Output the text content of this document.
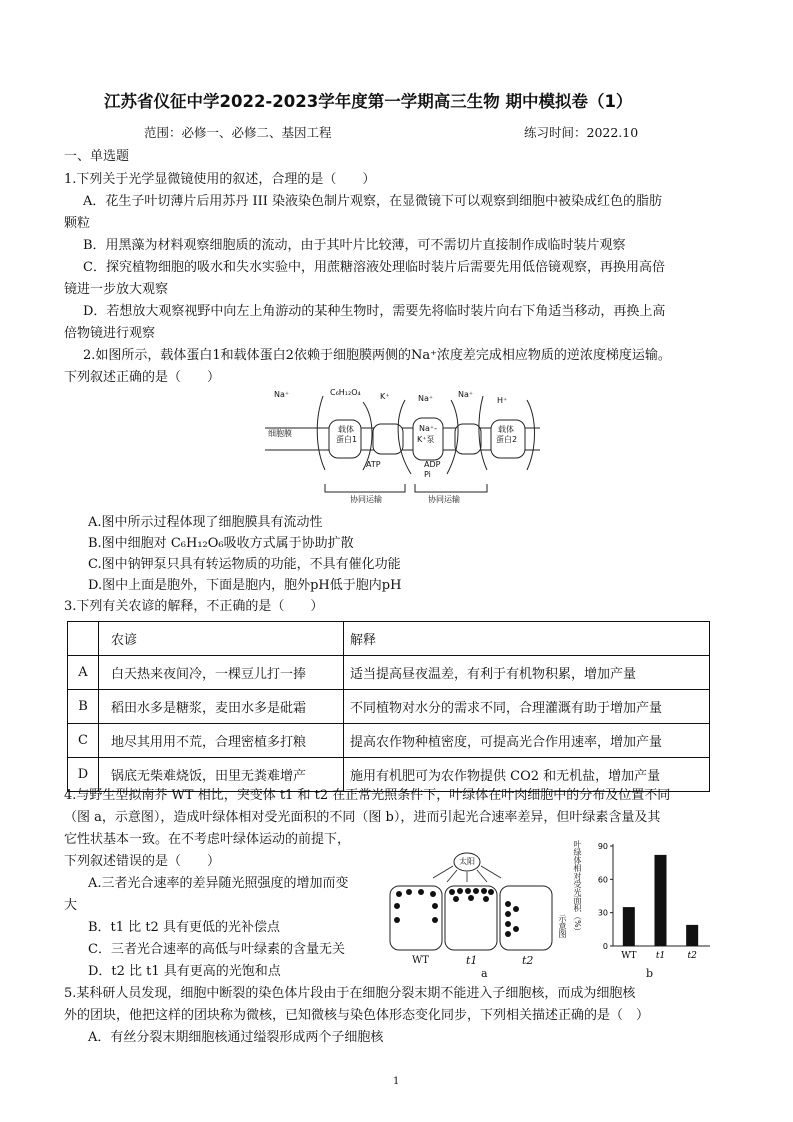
江苏省仪征中学2022-2023学年度第一学期高三生物 期中模拟卷（1）
范围：必修一、必修二、基因工程	练习时间：2022.10
一、单选题
1.下列关于光学显微镜使用的叙述，合理的是（　　）
A．花生子叶切薄片后用苏丹 III 染液染色制片观察，在显微镜下可以观察到细胞中被染成红色的脂肪
颗粒
B．用黑藻为材料观察细胞质的流动，由于其叶片比较薄，可不需切片直接制作成临时装片观察
C．探究植物细胞的吸水和失水实验中，用蔗糖溶液处理临时装片后需要先用低倍镜观察，再换用高倍
镜进一步放大观察
D．若想放大观察视野中向左上角游动的某种生物时，需要先将临时装片向右下角适当移动，再换上高
倍物镜进行观察
2.如图所示，载体蛋白1和载体蛋白2依赖于细胞膜两侧的Na⁺浓度差完成相应物质的逆浓度梯度运输。
下列叙述正确的是（　　）
Na⁺	C₆H₁₂O₄ K⁺	Na⁺	Na⁺
H⁺
细胞膜	载体
蛋白1
Na⁺-
K⁺泵
载体
蛋白2
ATP	ADP
Pi
协同运输	协同运输
A.图中所示过程体现了细胞膜具有流动性
B.图中细胞对 C₆H₁₂O₆吸收方式属于协助扩散
C.图中钠钾泵只具有转运物质的功能，不具有催化功能
D.图中上面是胞外，下面是胞内，胞外pH低于胞内pH
3.下列有关农谚的解释，不正确的是（　　）
	农谚	解释
A	白天热来夜间冷，一棵豆儿打一捧	适当提高昼夜温差，有利于有机物积累，增加产量
B	稻田水多是糖浆，麦田水多是砒霜	不同植物对水分的需求不同，合理灌溉有助于增加产量
C	地尽其用用不荒，合理密植多打粮	提高农作物种植密度，可提高光合作用速率，增加产量
D	锅底无柴难烧饭，田里无粪难增产	施用有机肥可为农作物提供 CO2 和无机盐，增加产量
4.与野生型拟南芥 WT 相比，突变体 t1 和 t2 在正常光照条件下，叶绿体在叶肉细胞中的分布及位置不同
（图 a，示意图），造成叶绿体相对受光面积的不同（图 b），进而引起光合速率差异，但叶绿素含量及其
它性状基本一致。在不考虑叶绿体运动的前提下，
下列叙述错误的是（　　）
A.三者光合速率的差异随光照强度的增加而变
大
B．t1 比 t2 具有更低的光补偿点
C．三者光合速率的高低与叶绿素的含量无关
D．t2 比 t1 具有更高的光饱和点
太阳
WT	t1	t2
a
叶绿体相对受光面积（%）
示意图
0
30
60
90
WT t1 t2
b
5.某科研人员发现，细胞中断裂的染色体片段由于在细胞分裂末期不能进入子细胞核，而成为细胞核
外的团块，他把这样的团块称为微核，已知微核与染色体形态变化同步，下列相关描述正确的是（　）
A．有丝分裂末期细胞核通过缢裂形成两个子细胞核
1
